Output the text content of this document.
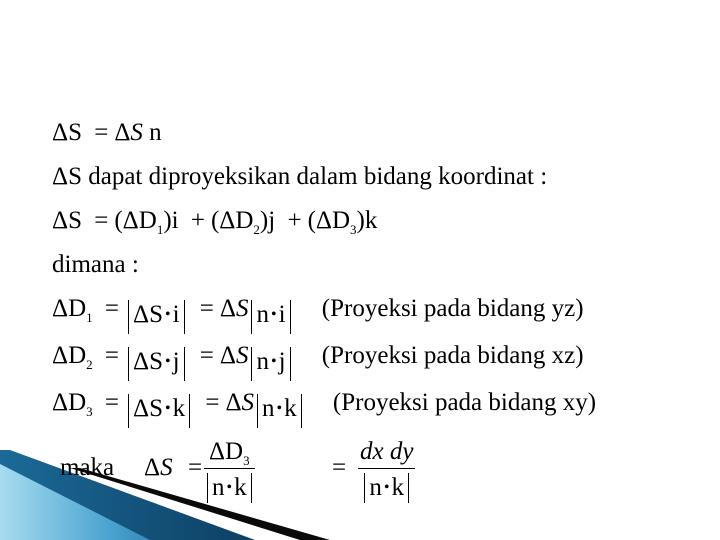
ΔS = ΔS n
ΔS dapat diproyeksikan dalam bidang koordinat :
$\Delta S = (\Delta D_1)i + (\Delta D_2)j + (\Delta D_3)k$
dimana :
$\Delta D_1 = \Delta S$ •i = ΔS n •i (Proyeksi pada bidang yz)
$\Delta D_2 = \Delta S$ •j = ΔS n •j (Proyeksi pada bidang xz)
$\Delta D_3 = \Delta S$ •k = ΔS n •k (Proyeksi pada bidang xy)
maka $\Delta S = \frac{\Delta D_3}{n •k}$	= $\frac{\text{dx dy}}{n •k}$
